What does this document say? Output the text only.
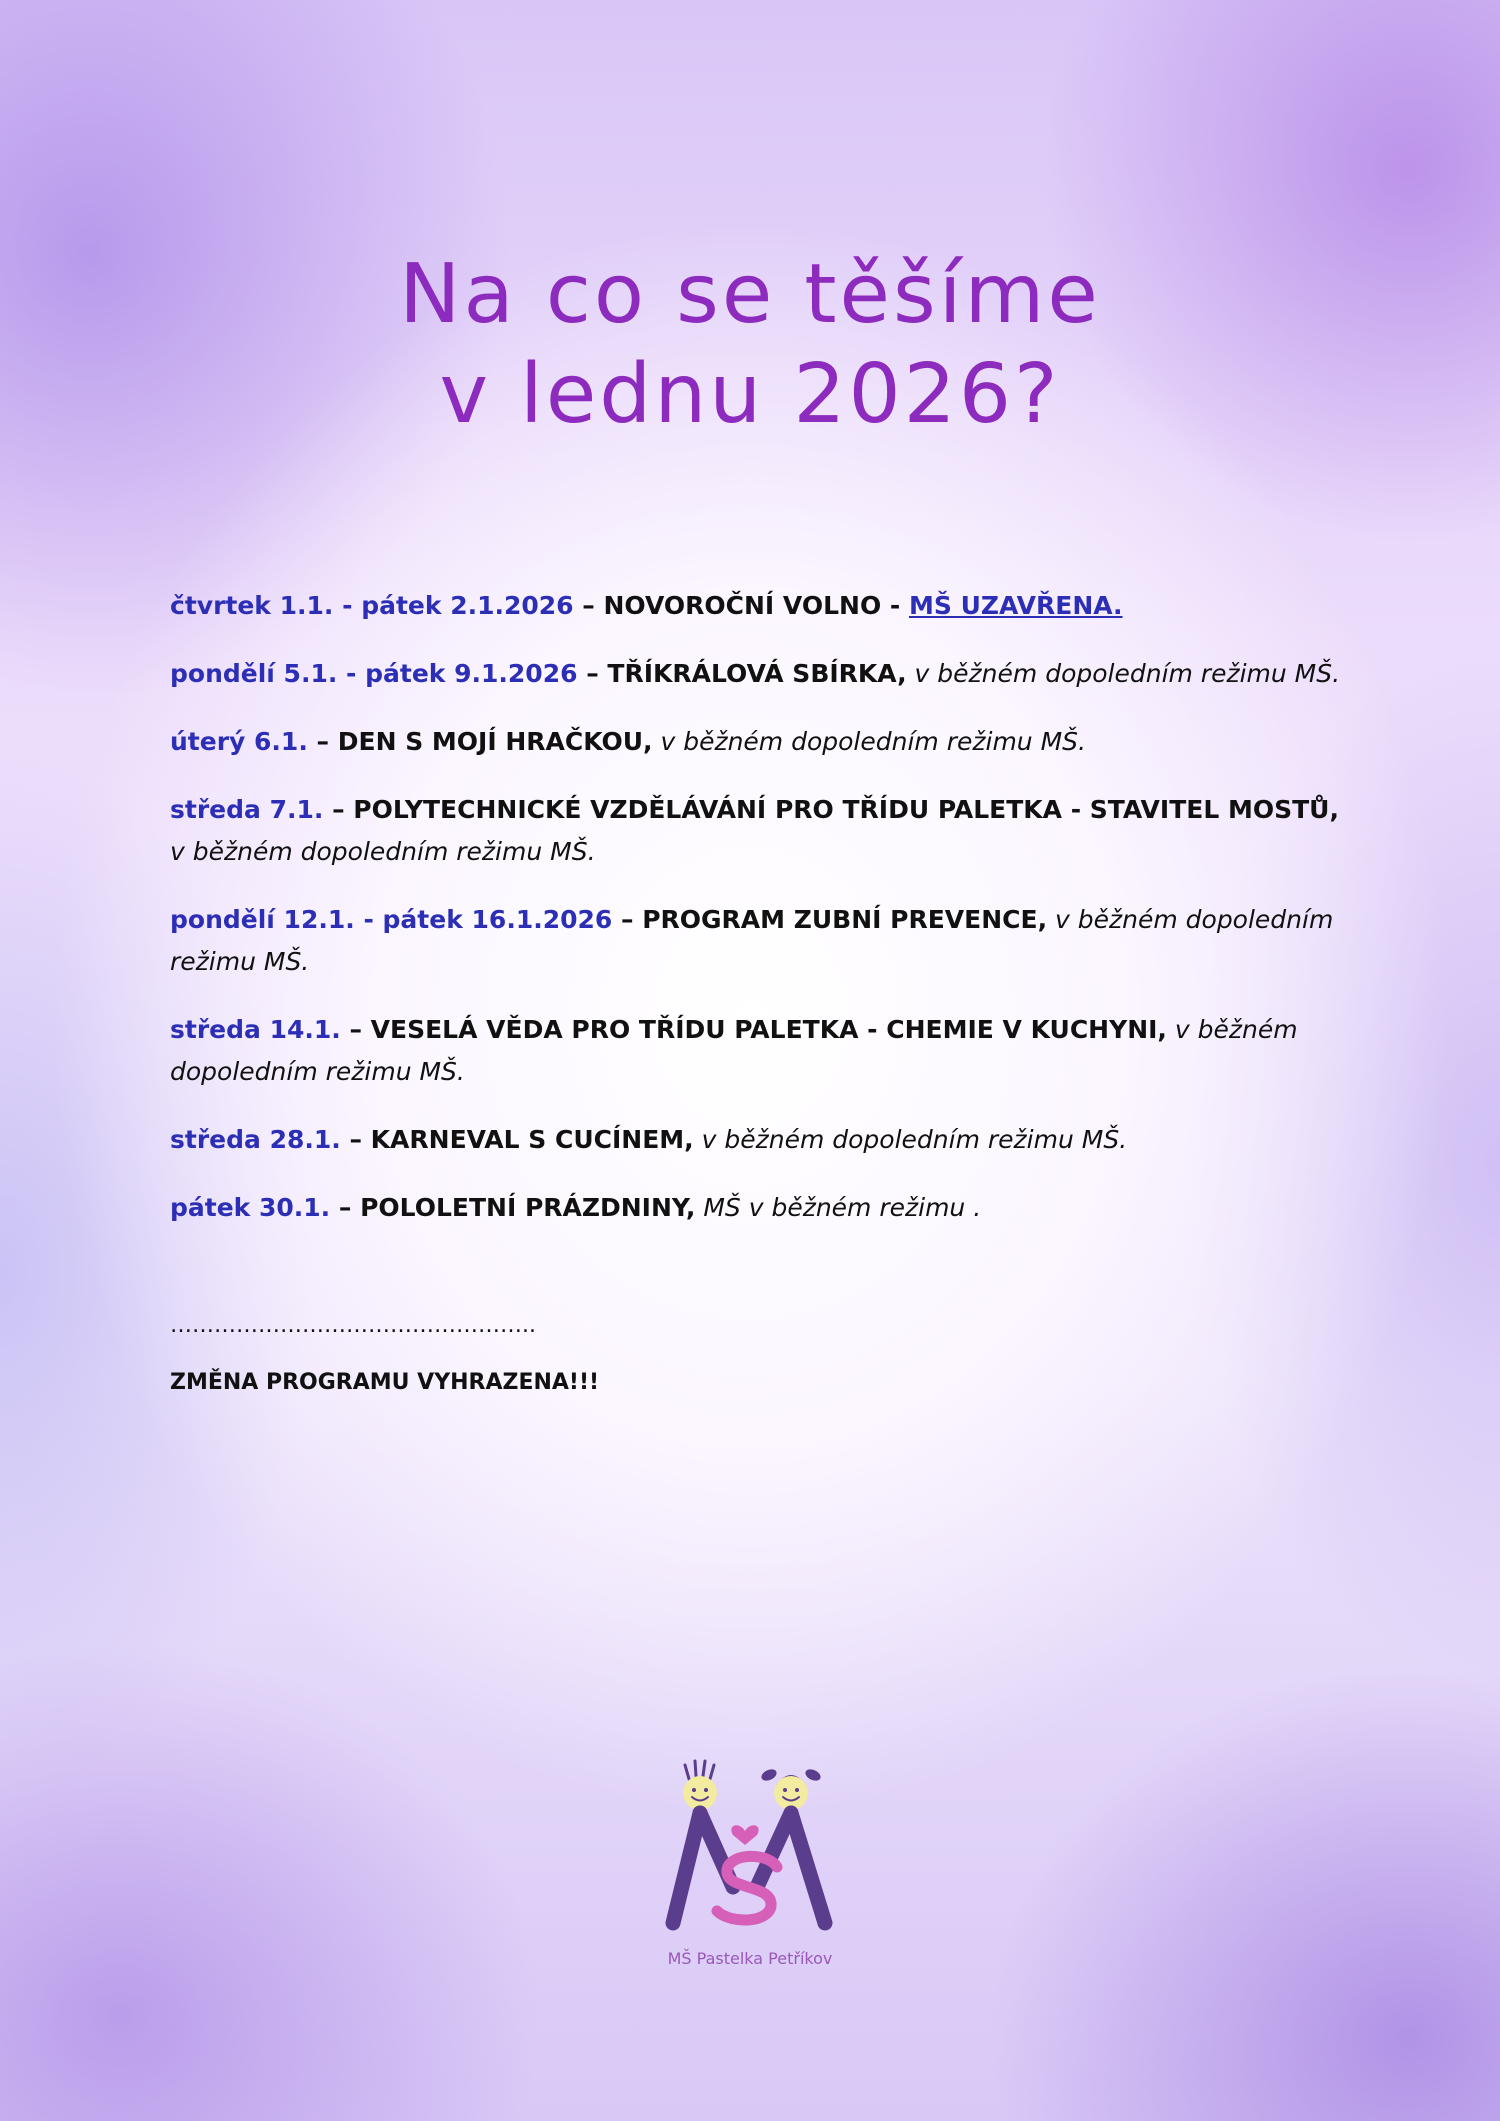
Na co se těšíme
v lednu 2026?

čtvrtek 1.1. - pátek 2.1.2026 – NOVOROČNÍ VOLNO - MŠ UZAVŘENA.

pondělí 5.1. - pátek 9.1.2026 – TŘÍKRÁLOVÁ SBÍRKA, v běžném dopoledním režimu MŠ.

úterý 6.1. – DEN S MOJÍ HRAČKOU, v běžném dopoledním režimu MŠ.

středa 7.1. – POLYTECHNICKÉ VZDĚLÁVÁNÍ PRO TŘÍDU PALETKA - STAVITEL MOSTŮ, v běžném dopoledním režimu MŠ.

pondělí 12.1. - pátek 16.1.2026 – PROGRAM ZUBNÍ PREVENCE, v běžném dopoledním režimu MŠ.

středa 14.1. – VESELÁ VĚDA PRO TŘÍDU PALETKA - CHEMIE V KUCHYNI, v běžném dopoledním režimu MŠ.

středa 28.1. – KARNEVAL S CUCÍNEM, v běžném dopoledním režimu MŠ.

pátek 30.1. – POLOLETNÍ PRÁZDNINY, MŠ v běžném režimu .

…………………………………………..
ZMĚNA PROGRAMU VYHRAZENA!!!
MŠ Pastelka Petříkov
